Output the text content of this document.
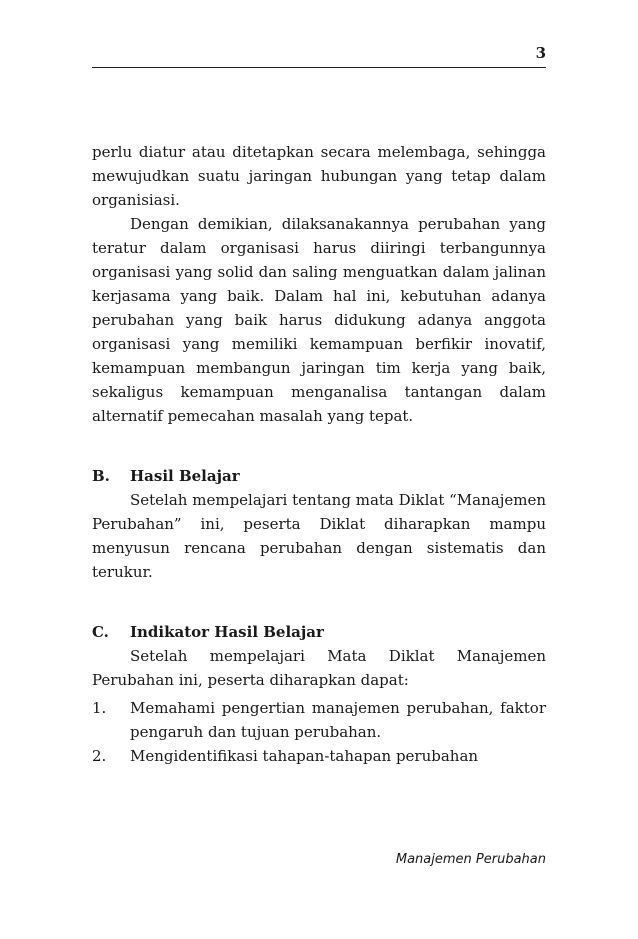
3

perlu diatur atau ditetapkan secara melembaga, sehingga mewujudkan suatu jaringan hubungan yang tetap dalam organisiasi.

Dengan demikian, dilaksanakannya perubahan yang teratur dalam organisasi harus diiringi terbangunnya organisasi yang solid dan saling menguatkan dalam jalinan kerjasama yang baik. Dalam hal ini, kebutuhan adanya perubahan yang baik harus didukung adanya anggota organisasi yang memiliki kemampuan berfikir inovatif, kemampuan membangun jaringan tim kerja yang baik, sekaligus kemampuan menganalisa tantangan dalam alternatif pemecahan masalah yang tepat.

B.	Hasil Belajar

Setelah mempelajari tentang mata Diklat “Manajemen Perubahan” ini, peserta Diklat diharapkan mampu menyusun rencana perubahan dengan sistematis dan terukur.

C.	Indikator Hasil Belajar

Setelah mempelajari Mata Diklat Manajemen Perubahan ini, peserta diharapkan dapat:

1.	Memahami pengertian manajemen perubahan, faktor pengaruh dan tujuan perubahan.
2.	Mengidentifikasi tahapan-tahapan perubahan
Manajemen Perubahan
